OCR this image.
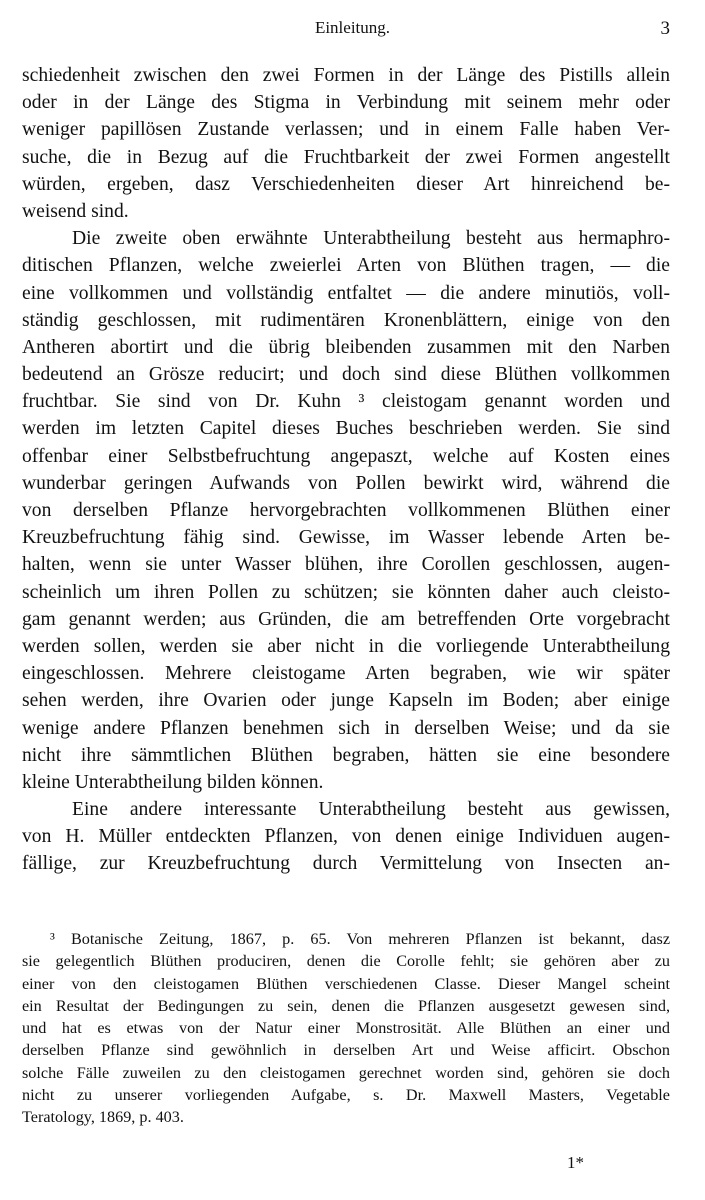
Einleitung.	3
schiedenheit zwischen den zwei Formen in der Länge des Pistills allein
oder in der Länge des Stigma in Verbindung mit seinem mehr oder
weniger papillösen Zustande verlassen; und in einem Falle haben Ver-
suche, die in Bezug auf die Fruchtbarkeit der zwei Formen angestellt
würden, ergeben, dasz Verschiedenheiten dieser Art hinreichend be-
weisend sind.
Die zweite oben erwähnte Unterabtheilung besteht aus hermaphro-
ditischen Pflanzen, welche zweierlei Arten von Blüthen tragen, — die
eine vollkommen und vollständig entfaltet — die andere minutiös, voll-
ständig geschlossen, mit rudimentären Kronenblättern, einige von den
Antheren abortirt und die übrig bleibenden zusammen mit den Narben
bedeutend an Grösze reducirt; und doch sind diese Blüthen vollkommen
fruchtbar. Sie sind von Dr. Kuhn ³ cleistogam genannt worden und
werden im letzten Capitel dieses Buches beschrieben werden. Sie sind
offenbar einer Selbstbefruchtung angepaszt, welche auf Kosten eines
wunderbar geringen Aufwands von Pollen bewirkt wird, während die
von derselben Pflanze hervorgebrachten vollkommenen Blüthen einer
Kreuzbefruchtung fähig sind. Gewisse, im Wasser lebende Arten be-
halten, wenn sie unter Wasser blühen, ihre Corollen geschlossen, augen-
scheinlich um ihren Pollen zu schützen; sie könnten daher auch cleisto-
gam genannt werden; aus Gründen, die am betreffenden Orte vorgebracht
werden sollen, werden sie aber nicht in die vorliegende Unterabtheilung
eingeschlossen. Mehrere cleistogame Arten begraben, wie wir später
sehen werden, ihre Ovarien oder junge Kapseln im Boden; aber einige
wenige andere Pflanzen benehmen sich in derselben Weise; und da sie
nicht ihre sämmtlichen Blüthen begraben, hätten sie eine besondere
kleine Unterabtheilung bilden können.
Eine andere interessante Unterabtheilung besteht aus gewissen,
von H. Müller entdeckten Pflanzen, von denen einige Individuen augen-
fällige, zur Kreuzbefruchtung durch Vermittelung von Insecten an-
³ Botanische Zeitung, 1867, p. 65. Von mehreren Pflanzen ist bekannt, dasz
sie gelegentlich Blüthen produciren, denen die Corolle fehlt; sie gehören aber zu
einer von den cleistogamen Blüthen verschiedenen Classe. Dieser Mangel scheint
ein Resultat der Bedingungen zu sein, denen die Pflanzen ausgesetzt gewesen sind,
und hat es etwas von der Natur einer Monstrosität. Alle Blüthen an einer und
derselben Pflanze sind gewöhnlich in derselben Art und Weise afficirt. Obschon
solche Fälle zuweilen zu den cleistogamen gerechnet worden sind, gehören sie doch
nicht zu unserer vorliegenden Aufgabe, s. Dr. Maxwell Masters, Vegetable
Teratology, 1869, p. 403.
1*
